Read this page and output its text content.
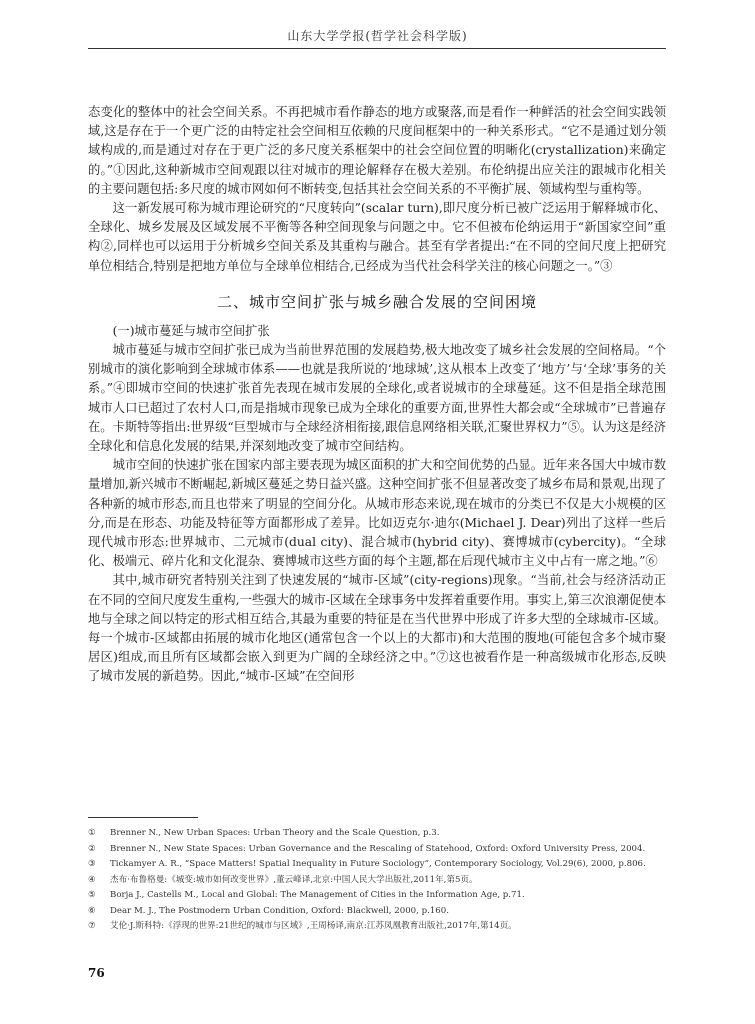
山东大学学报(哲学社会科学版)

态变化的整体中的社会空间关系。不再把城市看作静态的地方或聚落,而是看作一种鲜活的社会空间实践领域,这是存在于一个更广泛的由特定社会空间相互依赖的尺度间框架中的一种关系形式。“它不是通过划分领域构成的,而是通过对存在于更广泛的多尺度关系框架中的社会空间位置的明晰化(crystallization)来确定的。”①因此,这种新城市空间观跟以往对城市的理论解释存在极大差别。布伦纳提出应关注的跟城市化相关的主要问题包括:多尺度的城市网如何不断转变,包括其社会空间关系的不平衡扩展、领域构型与重构等。

这一新发展可称为城市理论研究的“尺度转向”(scalar turn),即尺度分析已被广泛运用于解释城市化、全球化、城乡发展及区域发展不平衡等各种空间现象与问题之中。它不但被布伦纳运用于“新国家空间”重构②,同样也可以运用于分析城乡空间关系及其重构与融合。甚至有学者提出:“在不同的空间尺度上把研究单位相结合,特别是把地方单位与全球单位相结合,已经成为当代社会科学关注的核心问题之一。”③

二、城市空间扩张与城乡融合发展的空间困境

(一)城市蔓延与城市空间扩张

城市蔓延与城市空间扩张已成为当前世界范围的发展趋势,极大地改变了城乡社会发展的空间格局。“个别城市的演化影响到全球城市体系——也就是我所说的‘地球城’,这从根本上改变了‘地方’与‘全球’事务的关系。”④即城市空间的快速扩张首先表现在城市发展的全球化,或者说城市的全球蔓延。这不但是指全球范围城市人口已超过了农村人口,而是指城市现象已成为全球化的重要方面,世界性大都会或“全球城市”已普遍存在。卡斯特等指出:世界级“巨型城市与全球经济相衔接,跟信息网络相关联,汇聚世界权力”⑤。认为这是经济全球化和信息化发展的结果,并深刻地改变了城市空间结构。

城市空间的快速扩张在国家内部主要表现为城区面积的扩大和空间优势的凸显。近年来各国大中城市数量增加,新兴城市不断崛起,新城区蔓延之势日益兴盛。这种空间扩张不但显著改变了城乡布局和景观,出现了各种新的城市形态,而且也带来了明显的空间分化。从城市形态来说,现在城市的分类已不仅是大小规模的区分,而是在形态、功能及特征等方面都形成了差异。比如迈克尔·迪尔(Michael J. Dear)列出了这样一些后现代城市形态:世界城市、二元城市(dual city)、混合城市(hybrid city)、赛博城市(cybercity)。“全球化、极端元、碎片化和文化混杂、赛博城市这些方面的每个主题,都在后现代城市主义中占有一席之地。”⑥

其中,城市研究者特别关注到了快速发展的“城市-区域”(city-regions)现象。“当前,社会与经济活动正在不同的空间尺度发生重构,一些强大的城市-区域在全球事务中发挥着重要作用。事实上,第三次浪潮促使本地与全球之间以特定的形式相互结合,其最为重要的特征是在当代世界中形成了许多大型的全球城市-区域。每一个城市-区域都由拓展的城市化地区(通常包含一个以上的大都市)和大范围的腹地(可能包含多个城市聚居区)组成,而且所有区域都会嵌入到更为广阔的全球经济之中。”⑦这也被看作是一种高级城市化形态,反映了城市发展的新趋势。因此,“城市-区域”在空间形

①	Brenner N., New Urban Spaces: Urban Theory and the Scale Question, p.3.
②	Brenner N., New State Spaces: Urban Governance and the Rescaling of Statehood, Oxford: Oxford University Press, 2004.
③	Tickamyer A. R., “Space Matters! Spatial Inequality in Future Sociology”, Contemporary Sociology, Vol.29(6), 2000, p.806.
④	杰布·布鲁格曼:《城变:城市如何改变世界》,董云峰译,北京:中国人民大学出版社,2011年,第5页。
⑤	Borja J., Castells M., Local and Global: The Management of Cities in the Information Age, p.71.
⑥	Dear M. J., The Postmodern Urban Condition, Oxford: Blackwell, 2000, p.160.
⑦	艾伦·J.斯科特:《浮现的世界:21世纪的城市与区域》,王周杨译,南京:江苏凤凰教育出版社,2017年,第14页。
76
